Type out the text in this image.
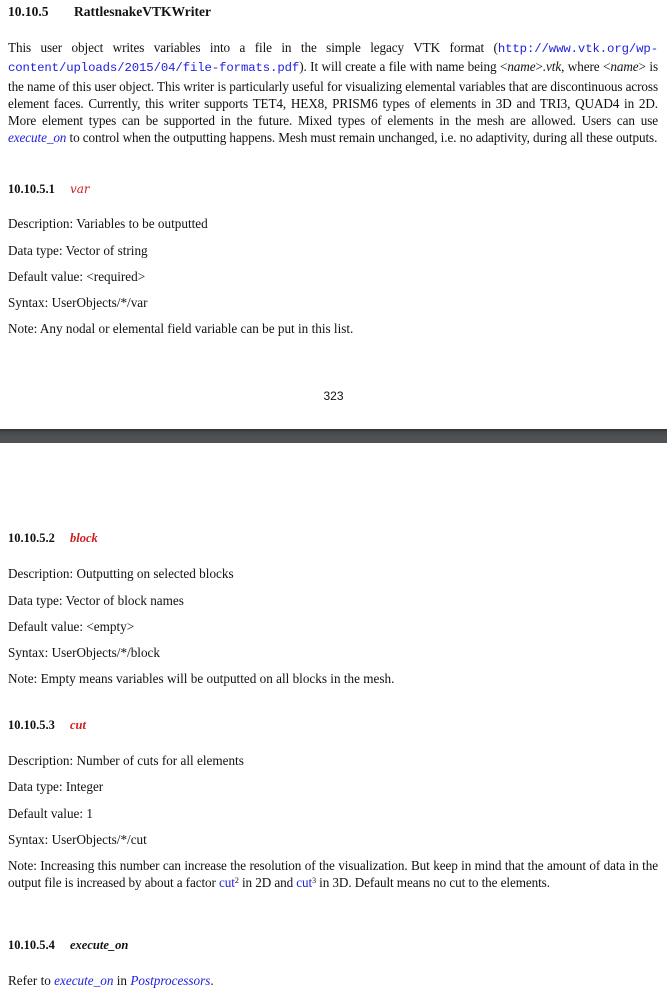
10.10.5 RattlesnakeVTKWriter
This user object writes variables into a file in the simple legacy VTK format (http://www.vtk.org/wp-content/uploads/2015/04/file-formats.pdf). It will create a file with name being <name>.vtk, where <name> is the name of this user object. This writer is particularly useful for visualizing elemental variables that are discontinuous across element faces. Currently, this writer supports TET4, HEX8, PRISM6 types of elements in 3D and TRI3, QUAD4 in 2D. More element types can be supported in the future. Mixed types of elements in the mesh are allowed. Users can use execute_on to control when the outputting happens. Mesh must remain unchanged, i.e. no adaptivity, during all these outputs.
10.10.5.1 var
Description: Variables to be outputted
Data type: Vector of string
Default value: <required>
Syntax: UserObjects/*/var
Note: Any nodal or elemental field variable can be put in this list.
323
10.10.5.2 block
Description: Outputting on selected blocks
Data type: Vector of block names
Default value: <empty>
Syntax: UserObjects/*/block
Note: Empty means variables will be outputted on all blocks in the mesh.
10.10.5.3 cut
Description: Number of cuts for all elements
Data type: Integer
Default value: 1
Syntax: UserObjects/*/cut
Note: Increasing this number can increase the resolution of the visualization. But keep in mind that the amount of data in the output file is increased by about a factor cut$^2$ in 2D and cut$^3$ in 3D. Default means no cut to the elements.
10.10.5.4 execute_on
Refer to execute_on in Postprocessors.
